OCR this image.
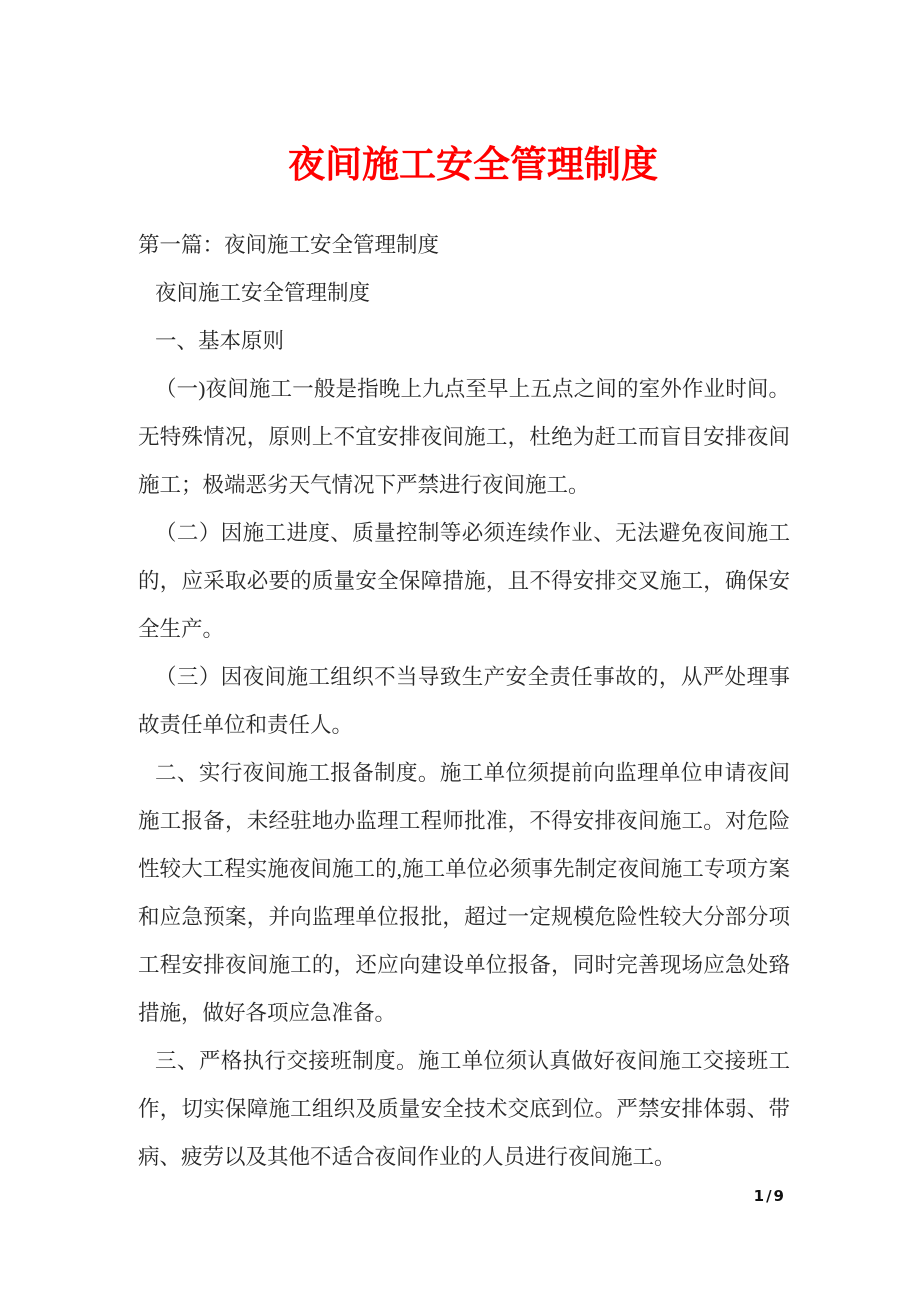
夜间施工安全管理制度

第一篇：夜间施工安全管理制度

夜间施工安全管理制度

一、基本原则

（一)夜间施工一般是指晚上九点至早上五点之间的室外作业时间。无特殊情况，原则上不宜安排夜间施工，杜绝为赶工而盲目安排夜间施工；极端恶劣天气情况下严禁进行夜间施工。

（二）因施工进度、质量控制等必须连续作业、无法避免夜间施工的，应采取必要的质量安全保障措施，且不得安排交叉施工，确保安全生产。

（三）因夜间施工组织不当导致生产安全责任事故的，从严处理事故责任单位和责任人。

二、实行夜间施工报备制度。施工单位须提前向监理单位申请夜间施工报备，未经驻地办监理工程师批准，不得安排夜间施工。对危险性较大工程实施夜间施工的,施工单位必须事先制定夜间施工专项方案和应急预案，并向监理单位报批，超过一定规模危险性较大分部分项工程安排夜间施工的，还应向建设单位报备，同时完善现场应急处臵措施，做好各项应急准备。

三、严格执行交接班制度。施工单位须认真做好夜间施工交接班工作，切实保障施工组织及质量安全技术交底到位。严禁安排体弱、带病、疲劳以及其他不适合夜间作业的人员进行夜间施工。

1/9
